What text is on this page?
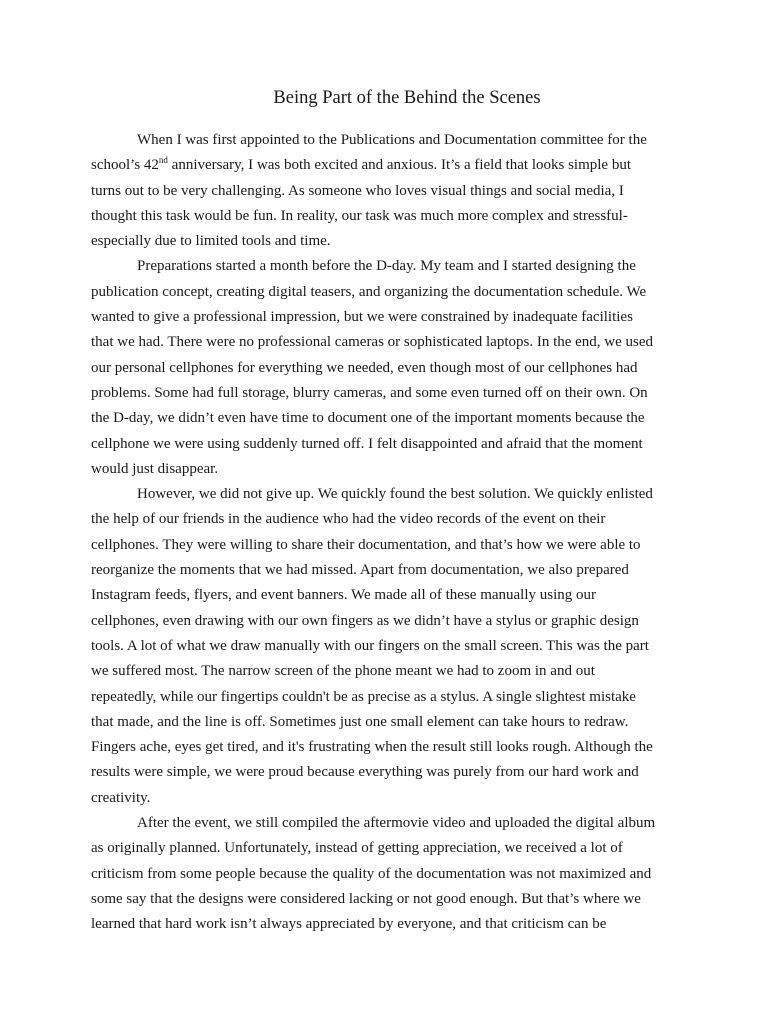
Being Part of the Behind the Scenes
When I was first appointed to the Publications and Documentation committee for the
school’s 42nd anniversary, I was both excited and anxious. It’s a field that looks simple but
turns out to be very challenging. As someone who loves visual things and social media, I
thought this task would be fun. In reality, our task was much more complex and stressful-
especially due to limited tools and time.
Preparations started a month before the D-day. My team and I started designing the
publication concept, creating digital teasers, and organizing the documentation schedule. We
wanted to give a professional impression, but we were constrained by inadequate facilities
that we had. There were no professional cameras or sophisticated laptops. In the end, we used
our personal cellphones for everything we needed, even though most of our cellphones had
problems. Some had full storage, blurry cameras, and some even turned off on their own. On
the D-day, we didn’t even have time to document one of the important moments because the
cellphone we were using suddenly turned off. I felt disappointed and afraid that the moment
would just disappear.
However, we did not give up. We quickly found the best solution. We quickly enlisted
the help of our friends in the audience who had the video records of the event on their
cellphones. They were willing to share their documentation, and that’s how we were able to
reorganize the moments that we had missed. Apart from documentation, we also prepared
Instagram feeds, flyers, and event banners. We made all of these manually using our
cellphones, even drawing with our own fingers as we didn’t have a stylus or graphic design
tools. A lot of what we draw manually with our fingers on the small screen. This was the part
we suffered most. The narrow screen of the phone meant we had to zoom in and out
repeatedly, while our fingertips couldn't be as precise as a stylus. A single slightest mistake
that made, and the line is off. Sometimes just one small element can take hours to redraw.
Fingers ache, eyes get tired, and it's frustrating when the result still looks rough. Although the
results were simple, we were proud because everything was purely from our hard work and
creativity.
After the event, we still compiled the aftermovie video and uploaded the digital album
as originally planned. Unfortunately, instead of getting appreciation, we received a lot of
criticism from some people because the quality of the documentation was not maximized and
some say that the designs were considered lacking or not good enough. But that’s where we
learned that hard work isn’t always appreciated by everyone, and that criticism can be
